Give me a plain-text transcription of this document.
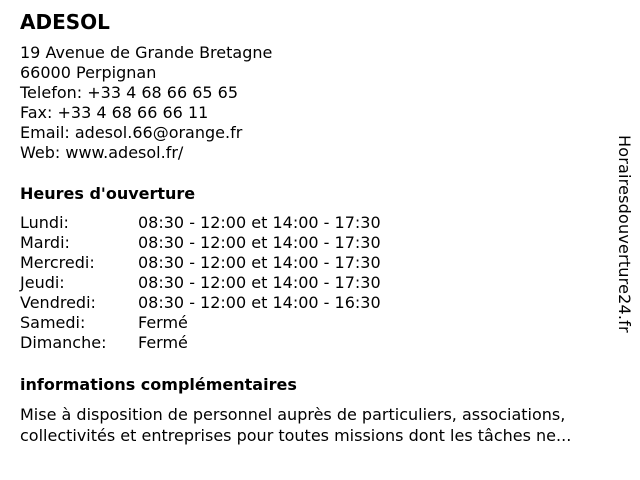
ADESOL
19 Avenue de Grande Bretagne
66000 Perpignan
Telefon: +33 4 68 66 65 65
Fax: +33 4 68 66 66 11
Email: adesol.66@orange.fr
Web: www.adesol.fr/
Heures d'ouverture
Lundi:	08:30 - 12:00 et 14:00 - 17:30
Mardi:	08:30 - 12:00 et 14:00 - 17:30
Mercredi:	08:30 - 12:00 et 14:00 - 17:30
Jeudi:	08:30 - 12:00 et 14:00 - 17:30
Vendredi:	08:30 - 12:00 et 14:00 - 16:30
Samedi:	Fermé
Dimanche:	Fermé
informations complémentaires
Mise à disposition de personnel auprès de particuliers, associations, collectivités et entreprises pour toutes missions dont les tâches ne...
Horairesdouverture24.fr
